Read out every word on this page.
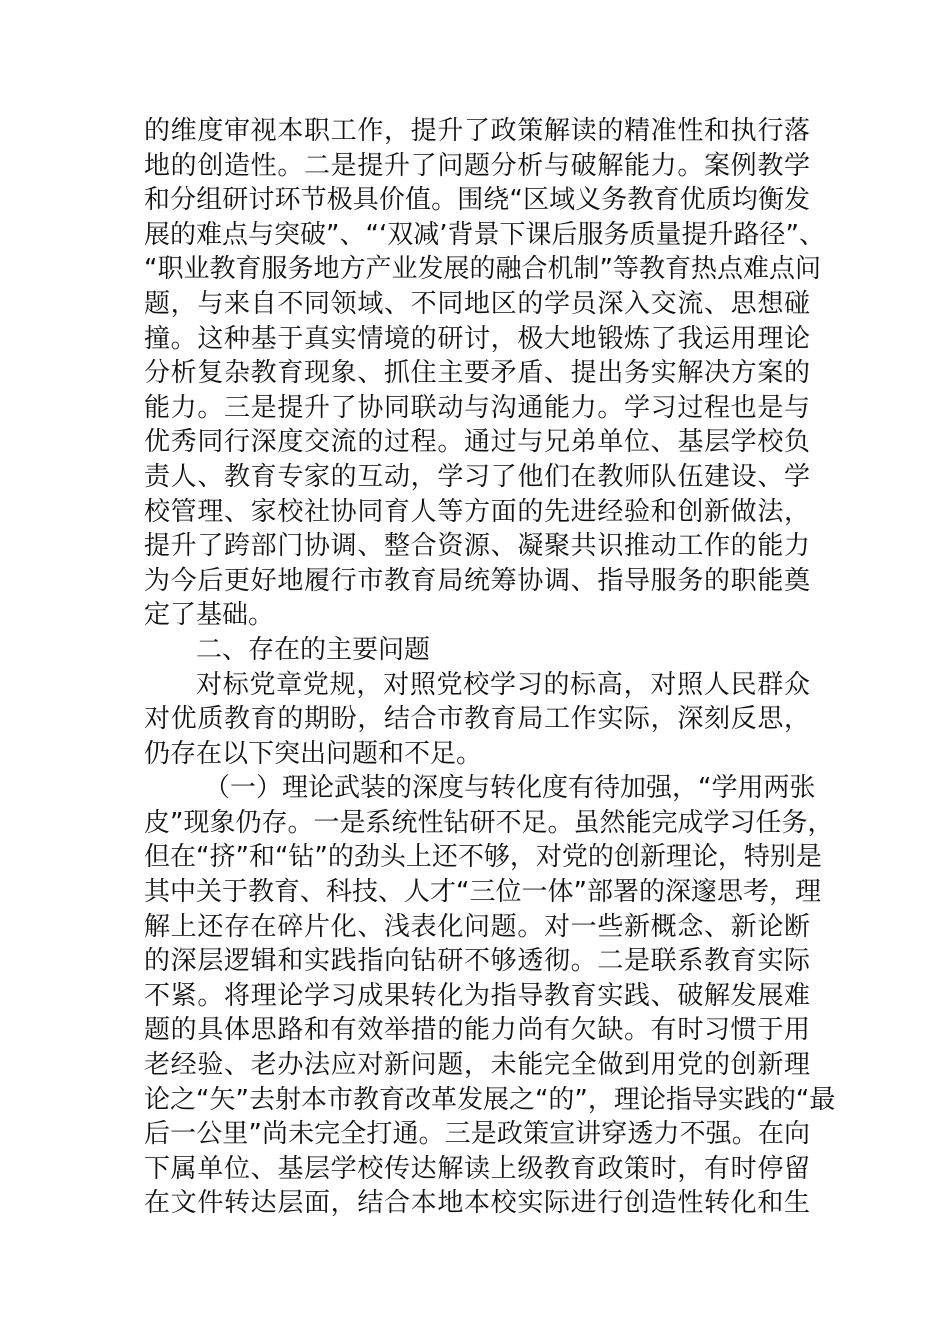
的维度审视本职工作，提升了政策解读的精准性和执行落
地的创造性。二是提升了问题分析与破解能力。案例教学
和分组研讨环节极具价值。围绕“区域义务教育优质均衡发
展的难点与突破”、“‘双减’背景下课后服务质量提升路径”、
“职业教育服务地方产业发展的融合机制”等教育热点难点问
题，与来自不同领域、不同地区的学员深入交流、思想碰
撞。这种基于真实情境的研讨，极大地锻炼了我运用理论
分析复杂教育现象、抓住主要矛盾、提出务实解决方案的
能力。三是提升了协同联动与沟通能力。学习过程也是与
优秀同行深度交流的过程。通过与兄弟单位、基层学校负
责人、教育专家的互动，学习了他们在教师队伍建设、学
校管理、家校社协同育人等方面的先进经验和创新做法，
提升了跨部门协调、整合资源、凝聚共识推动工作的能力
为今后更好地履行市教育局统筹协调、指导服务的职能奠
定了基础。
二、存在的主要问题
对标党章党规，对照党校学习的标高，对照人民群众
对优质教育的期盼，结合市教育局工作实际，深刻反思，
仍存在以下突出问题和不足。
（一）理论武装的深度与转化度有待加强，“学用两张
皮”现象仍存。一是系统性钻研不足。虽然能完成学习任务，
但在“挤”和“钻”的劲头上还不够，对党的创新理论，特别是
其中关于教育、科技、人才“三位一体”部署的深邃思考，理
解上还存在碎片化、浅表化问题。对一些新概念、新论断
的深层逻辑和实践指向钻研不够透彻。二是联系教育实际
不紧。将理论学习成果转化为指导教育实践、破解发展难
题的具体思路和有效举措的能力尚有欠缺。有时习惯于用
老经验、老办法应对新问题，未能完全做到用党的创新理
论之“矢”去射本市教育改革发展之“的”，理论指导实践的“最
后一公里”尚未完全打通。三是政策宣讲穿透力不强。在向
下属单位、基层学校传达解读上级教育政策时，有时停留
在文件转达层面，结合本地本校实际进行创造性转化和生
